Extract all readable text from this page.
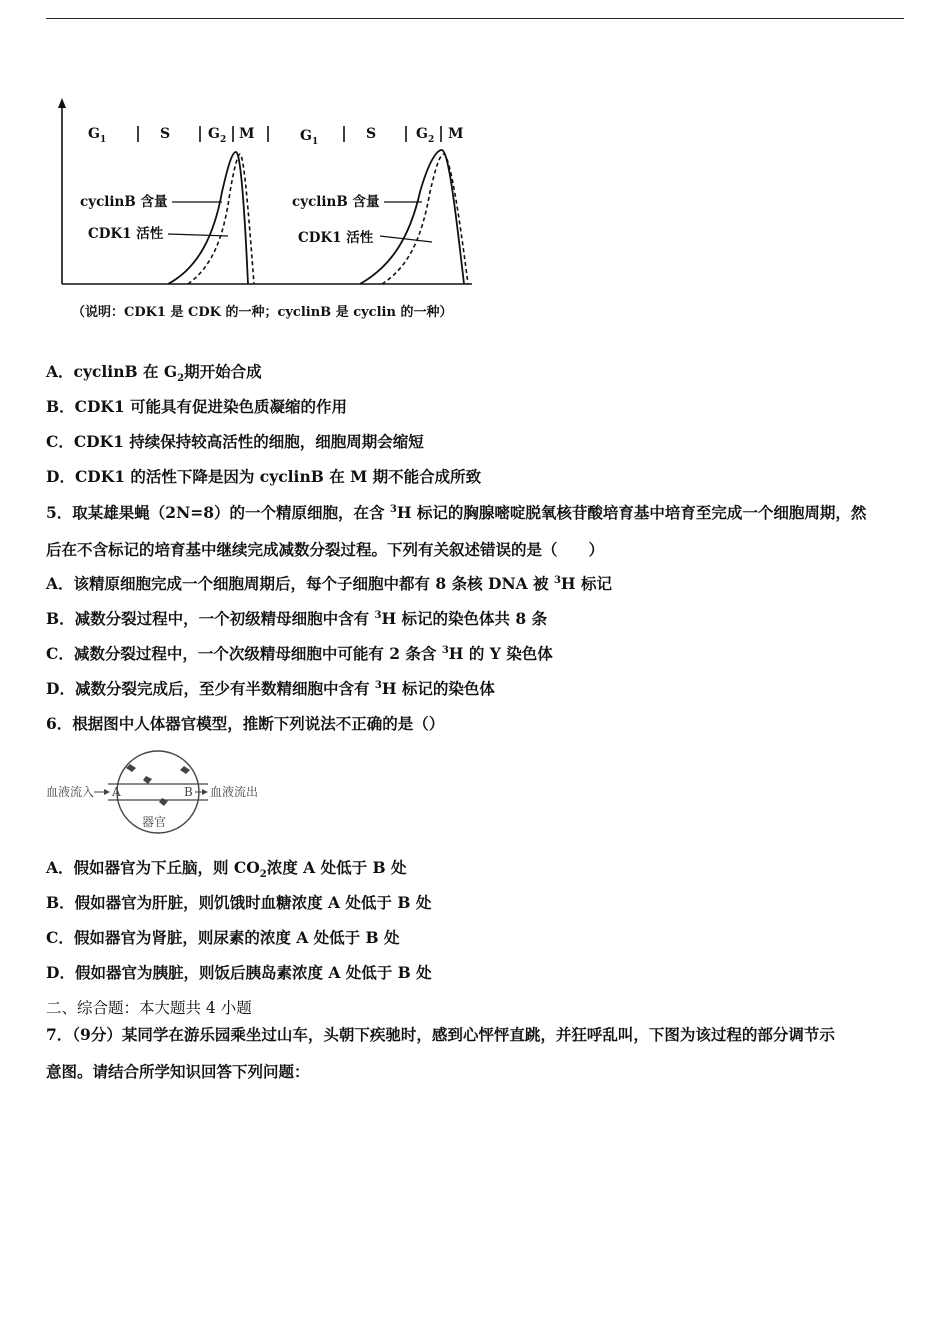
$G_1$	S	$G_2$ M	$G_1$	S	$G_2$ M
cyclinB 含量
CDK1 活性
cyclinB 含量
CDK1 活性
（说明：CDK1 是 CDK 的一种；cyclinB 是 cyclin 的一种）
A．cyclinB 在 $G_2$期开始合成
B．CDK1 可能具有促进染色质凝缩的作用
C．CDK1 持续保持较高活性的细胞，细胞周期会缩短
D．CDK1 的活性下降是因为 cyclinB 在 M 期不能合成所致
5．取某雄果蝇（2N=8）的一个精原细胞，在含 $^3$H 标记的胸腺嘧啶脱氧核苷酸培育基中培育至完成一个细胞周期，然
后在不含标记的培育基中继续完成减数分裂过程。下列有关叙述错误的是（　　）
A．该精原细胞完成一个细胞周期后，每个子细胞中都有 8 条核 DNA 被 $^3$H 标记
B．减数分裂过程中，一个初级精母细胞中含有 $^3$H 标记的染色体共 8 条
C．减数分裂过程中，一个次级精母细胞中可能有 2 条含 $^3$H 的 Y 染色体
D．减数分裂完成后，至少有半数精细胞中含有 $^3$H 标记的染色体
6．根据图中人体器官模型，推断下列说法不正确的是（）
血液流入 A	B 血液流出
器官
A．假如器官为下丘脑，则 $CO_2$浓度 A 处低于 B 处
B．假如器官为肝脏，则饥饿时血糖浓度 A 处低于 B 处
C．假如器官为肾脏，则尿素的浓度 A 处低于 B 处
D．假如器官为胰脏，则饭后胰岛素浓度 A 处低于 B 处
二、综合题：本大题共 4 小题
7．（9分）某同学在游乐园乘坐过山车，头朝下疾驰时，感到心怦怦直跳，并狂呼乱叫，下图为该过程的部分调节示
意图。请结合所学知识回答下列问题：
